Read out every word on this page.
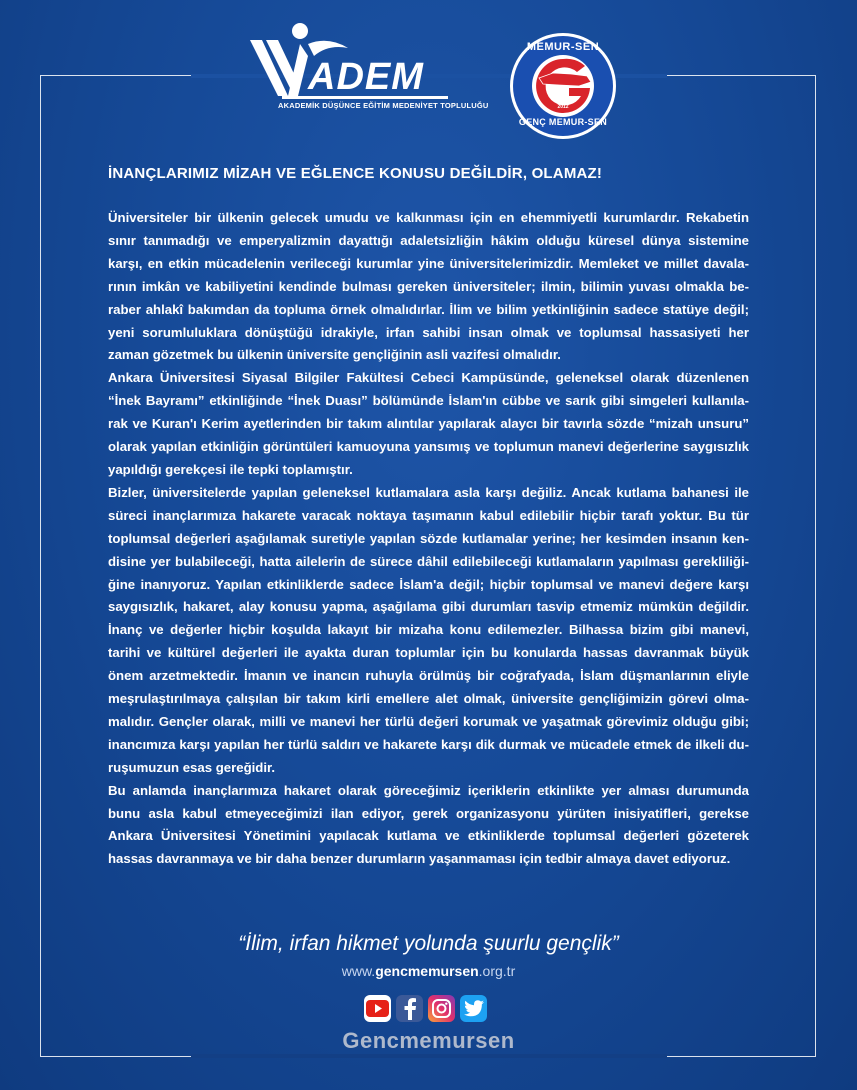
ADEM
AKADEMİK DÜŞÜNCE EĞİTİM MEDENİYET TOPLULUĞU
MEMUR-SEN
2012
GENÇ MEMUR-SEN
İNANÇLARIMIZ MİZAH VE EĞLENCE KONUSU DEĞİLDİR, OLAMAZ!
Üniversiteler bir ülkenin gelecek umudu ve kalkınması için en ehemmiyetli kurumlardır. Rekabetin
sınır tanımadığı ve emperyalizmin dayattığı adaletsizliğin hâkim olduğu küresel dünya sistemine
karşı, en etkin mücadelenin verileceği kurumlar yine üniversitelerimizdir. Memleket ve millet davala-
rının imkân ve kabiliyetini kendinde bulması gereken üniversiteler; ilmin, bilimin yuvası olmakla be-
raber ahlakî bakımdan da topluma örnek olmalıdırlar. İlim ve bilim yetkinliğinin sadece statüye değil;
yeni sorumluluklara dönüştüğü idrakiyle, irfan sahibi insan olmak ve toplumsal hassasiyeti her
zaman gözetmek bu ülkenin üniversite gençliğinin asli vazifesi olmalıdır.
Ankara Üniversitesi Siyasal Bilgiler Fakültesi Cebeci Kampüsünde, geleneksel olarak düzenlenen
“İnek Bayramı” etkinliğinde “İnek Duası” bölümünde İslam'ın cübbe ve sarık gibi simgeleri kullanıla-
rak ve Kuran'ı Kerim ayetlerinden bir takım alıntılar yapılarak alaycı bir tavırla sözde “mizah unsuru”
olarak yapılan etkinliğin görüntüleri kamuoyuna yansımış ve toplumun manevi değerlerine saygısızlık
yapıldığı gerekçesi ile tepki toplamıştır.
Bizler, üniversitelerde yapılan geleneksel kutlamalara asla karşı değiliz. Ancak kutlama bahanesi ile
süreci inançlarımıza hakarete varacak noktaya taşımanın kabul edilebilir hiçbir tarafı yoktur. Bu tür
toplumsal değerleri aşağılamak suretiyle yapılan sözde kutlamalar yerine; her kesimden insanın ken-
disine yer bulabileceği, hatta ailelerin de sürece dâhil edilebileceği kutlamaların yapılması gerekliliği-
ğine inanıyoruz. Yapılan etkinliklerde sadece İslam'a değil; hiçbir toplumsal ve manevi değere karşı
saygısızlık, hakaret, alay konusu yapma, aşağılama gibi durumları tasvip etmemiz mümkün değildir.
İnanç ve değerler hiçbir koşulda lakayıt bir mizaha konu edilemezler. Bilhassa bizim gibi manevi,
tarihi ve kültürel değerleri ile ayakta duran toplumlar için bu konularda hassas davranmak büyük
önem arzetmektedir. İmanın ve inancın ruhuyla örülmüş bir coğrafyada, İslam düşmanlarının eliyle
meşrulaştırılmaya çalışılan bir takım kirli emellere alet olmak, üniversite gençliğimizin görevi olma-
malıdır. Gençler olarak, milli ve manevi her türlü değeri korumak ve yaşatmak görevimiz olduğu gibi;
inancımıza karşı yapılan her türlü saldırı ve hakarete karşı dik durmak ve mücadele etmek de ilkeli du-
ruşumuzun esas gereğidir.
Bu anlamda inançlarımıza hakaret olarak göreceğimiz içeriklerin etkinlikte yer alması durumunda
bunu asla kabul etmeyeceğimizi ilan ediyor, gerek organizasyonu yürüten inisiyatifleri, gerekse
Ankara Üniversitesi Yönetimini yapılacak kutlama ve etkinliklerde toplumsal değerleri gözeterek
hassas davranmaya ve bir daha benzer durumların yaşanmaması için tedbir almaya davet ediyoruz.
“İlim, irfan hikmet yolunda şuurlu gençlik”
www.gencmemursen.org.tr
Gencmemursen
